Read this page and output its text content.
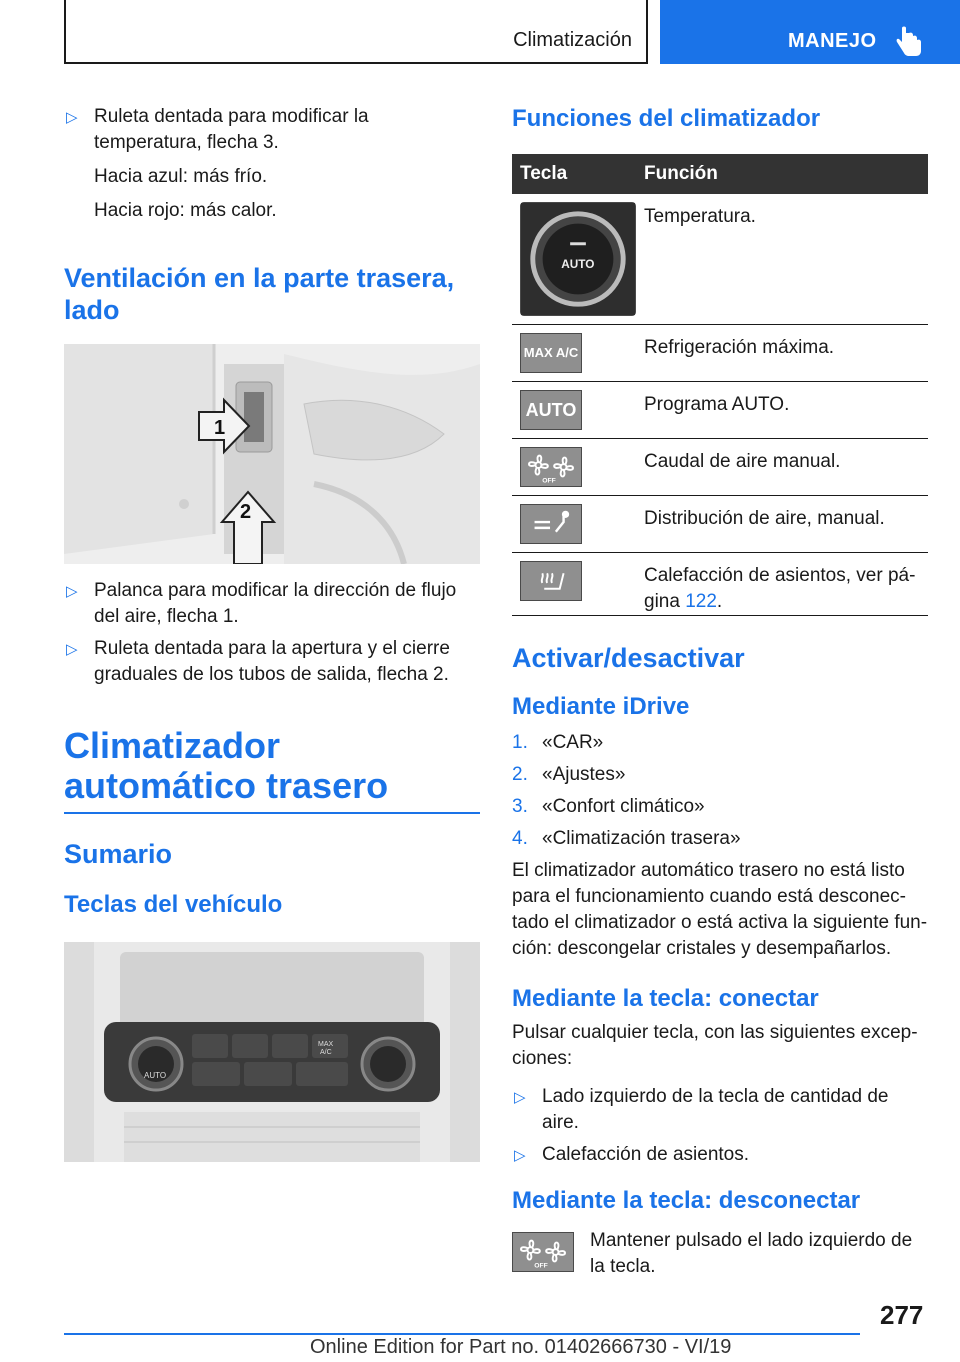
Climatización	MANEJO
▷ Ruleta dentada para modificar la temperatura, flecha 3.
Hacia azul: más frío.
Hacia rojo: más calor.
Ventilación en la parte trasera, lado
1
2
▷ Palanca para modificar la dirección de flujo del aire, flecha 1.
▷ Ruleta dentada para la apertura y el cierre graduales de los tubos de salida, flecha 2.
Climatizador automático trasero
Sumario
Teclas del vehículo
AUTO
MAX
A/C
Funciones del climatizador
Tecla	Función

AUTO	Temperatura.

MAX A/C	Refrigeración máxima.

AUTO	Programa AUTO.

OFF	Caudal de aire manual.

	Distribución de aire, manual.

	Calefacción de asientos, ver pá-gina 122.
Activar/desactivar
Mediante iDrive
1. «CAR»
2. «Ajustes»
3. «Confort climático»
4. «Climatización trasera»
El climatizador automático trasero no está listo para el funcionamiento cuando está desconec-tado el climatizador o está activa la siguiente fun-ción: descongelar cristales y desempañarlos.
Mediante la tecla: conectar
Pulsar cualquier tecla, con las siguientes excep-ciones:
▷ Lado izquierdo de la tecla de cantidad de aire.
▷ Calefacción de asientos.
Mediante la tecla: desconectar
OFF
Mantener pulsado el lado izquierdo de la tecla.
277
Online Edition for Part no. 01402666730 - VI/19
